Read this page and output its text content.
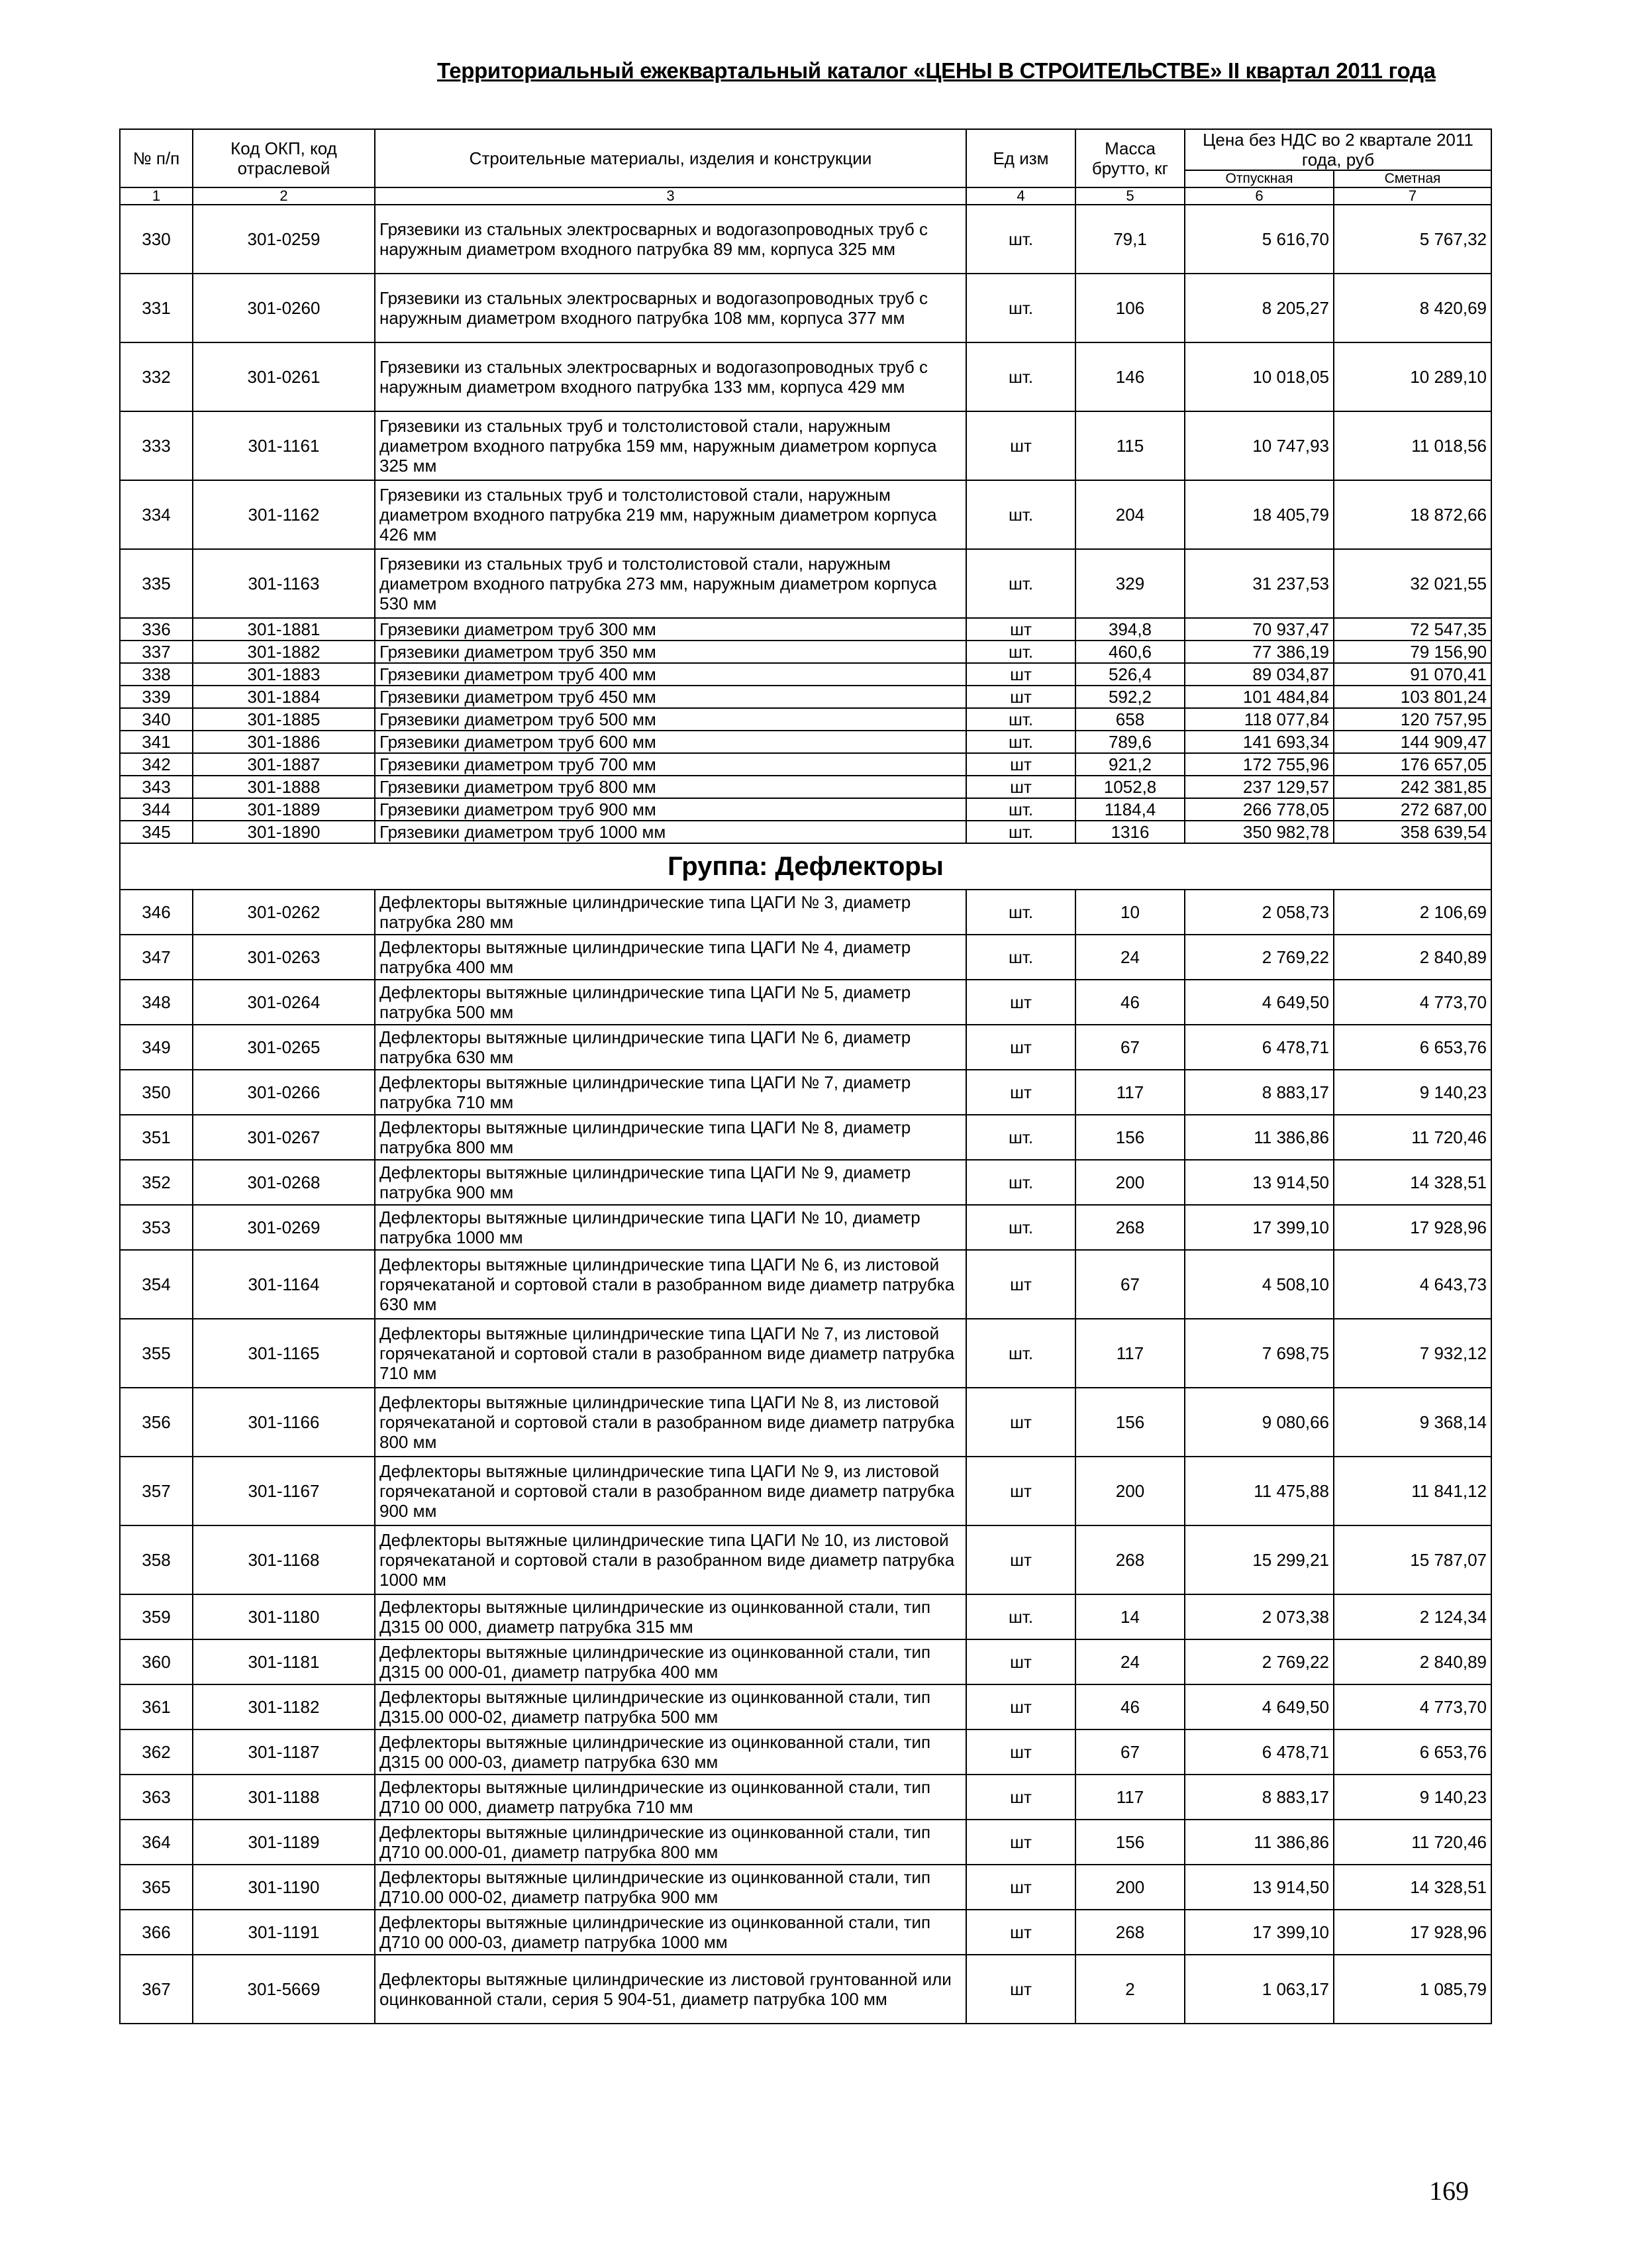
Территориальный ежеквартальный каталог «ЦЕНЫ В СТРОИТЕЛЬСТВЕ» II квартал 2011 года
№ п/п	Код ОКП, код отраслевой	Строительные материалы, изделия и конструкции	Ед изм	Масса брутто, кг	Цена без НДС во 2 квартале 2011 года, руб	
					Отпускная	Сметная
1	2	3	4	5	6	7
330	301-0259	Грязевики из стальных электросварных и водогазопроводных труб с наружным диаметром входного патрубка 89 мм, корпуса 325 мм	шт.	79,1	5 616,70	5 767,32
331	301-0260	Грязевики из стальных электросварных и водогазопроводных труб с наружным диаметром входного патрубка 108 мм, корпуса 377 мм	шт.	106	8 205,27	8 420,69
332	301-0261	Грязевики из стальных электросварных и водогазопроводных труб с наружным диаметром входного патрубка 133 мм, корпуса 429 мм	шт.	146	10 018,05	10 289,10
333	301-1161	Грязевики из стальных труб и толстолистовой стали, наружным диаметром входного патрубка 159 мм, наружным диаметром корпуса 325 мм	шт	115	10 747,93	11 018,56
334	301-1162	Грязевики из стальных труб и толстолистовой стали, наружным диаметром входного патрубка 219 мм, наружным диаметром корпуса 426 мм	шт.	204	18 405,79	18 872,66
335	301-1163	Грязевики из стальных труб и толстолистовой стали, наружным диаметром входного патрубка 273 мм, наружным диаметром корпуса 530 мм	шт.	329	31 237,53	32 021,55
336	301-1881	Грязевики диаметром труб 300 мм	шт	394,8	70 937,47	72 547,35
337	301-1882	Грязевики диаметром труб 350 мм	шт.	460,6	77 386,19	79 156,90
338	301-1883	Грязевики диаметром труб 400 мм	шт	526,4	89 034,87	91 070,41
339	301-1884	Грязевики диаметром труб 450 мм	шт	592,2	101 484,84	103 801,24
340	301-1885	Грязевики диаметром труб 500 мм	шт.	658	118 077,84	120 757,95
341	301-1886	Грязевики диаметром труб 600 мм	шт.	789,6	141 693,34	144 909,47
342	301-1887	Грязевики диаметром труб 700 мм	шт	921,2	172 755,96	176 657,05
343	301-1888	Грязевики диаметром труб 800 мм	шт	1052,8	237 129,57	242 381,85
344	301-1889	Грязевики диаметром труб 900 мм	шт.	1184,4	266 778,05	272 687,00
345	301-1890	Грязевики диаметром труб 1000 мм	шт.	1316	350 982,78	358 639,54
Группа: Дефлекторы						
346	301-0262	Дефлекторы вытяжные цилиндрические типа ЦАГИ № 3, диаметр патрубка 280 мм	шт.	10	2 058,73	2 106,69
347	301-0263	Дефлекторы вытяжные цилиндрические типа ЦАГИ № 4, диаметр патрубка 400 мм	шт.	24	2 769,22	2 840,89
348	301-0264	Дефлекторы вытяжные цилиндрические типа ЦАГИ № 5, диаметр патрубка 500 мм	шт	46	4 649,50	4 773,70
349	301-0265	Дефлекторы вытяжные цилиндрические типа ЦАГИ № 6, диаметр патрубка 630 мм	шт	67	6 478,71	6 653,76
350	301-0266	Дефлекторы вытяжные цилиндрические типа ЦАГИ № 7, диаметр патрубка 710 мм	шт	117	8 883,17	9 140,23
351	301-0267	Дефлекторы вытяжные цилиндрические типа ЦАГИ № 8, диаметр патрубка 800 мм	шт.	156	11 386,86	11 720,46
352	301-0268	Дефлекторы вытяжные цилиндрические типа ЦАГИ № 9, диаметр патрубка 900 мм	шт.	200	13 914,50	14 328,51
353	301-0269	Дефлекторы вытяжные цилиндрические типа ЦАГИ № 10, диаметр патрубка 1000 мм	шт.	268	17 399,10	17 928,96
354	301-1164	Дефлекторы вытяжные цилиндрические типа ЦАГИ № 6, из листовой горячекатаной и сортовой стали в разобранном виде диаметр патрубка 630 мм	шт	67	4 508,10	4 643,73
355	301-1165	Дефлекторы вытяжные цилиндрические типа ЦАГИ № 7, из листовой горячекатаной и сортовой стали в разобранном виде диаметр патрубка 710 мм	шт.	117	7 698,75	7 932,12
356	301-1166	Дефлекторы вытяжные цилиндрические типа ЦАГИ № 8, из листовой горячекатаной и сортовой стали в разобранном виде диаметр патрубка 800 мм	шт	156	9 080,66	9 368,14
357	301-1167	Дефлекторы вытяжные цилиндрические типа ЦАГИ № 9, из листовой горячекатаной и сортовой стали в разобранном виде диаметр патрубка 900 мм	шт	200	11 475,88	11 841,12
358	301-1168	Дефлекторы вытяжные цилиндрические типа ЦАГИ № 10, из листовой горячекатаной и сортовой стали в разобранном виде диаметр патрубка 1000 мм	шт	268	15 299,21	15 787,07
359	301-1180	Дефлекторы вытяжные цилиндрические из оцинкованной стали, тип Д315 00 000, диаметр патрубка 315 мм	шт.	14	2 073,38	2 124,34
360	301-1181	Дефлекторы вытяжные цилиндрические из оцинкованной стали, тип Д315 00 000-01, диаметр патрубка 400 мм	шт	24	2 769,22	2 840,89
361	301-1182	Дефлекторы вытяжные цилиндрические из оцинкованной стали, тип Д315.00 000-02, диаметр патрубка 500 мм	шт	46	4 649,50	4 773,70
362	301-1187	Дефлекторы вытяжные цилиндрические из оцинкованной стали, тип Д315 00 000-03, диаметр патрубка 630 мм	шт	67	6 478,71	6 653,76
363	301-1188	Дефлекторы вытяжные цилиндрические из оцинкованной стали, тип Д710 00 000, диаметр патрубка 710 мм	шт	117	8 883,17	9 140,23
364	301-1189	Дефлекторы вытяжные цилиндрические из оцинкованной стали, тип Д710 00.000-01, диаметр патрубка 800 мм	шт	156	11 386,86	11 720,46
365	301-1190	Дефлекторы вытяжные цилиндрические из оцинкованной стали, тип Д710.00 000-02, диаметр патрубка 900 мм	шт	200	13 914,50	14 328,51
366	301-1191	Дефлекторы вытяжные цилиндрические из оцинкованной стали, тип Д710 00 000-03, диаметр патрубка 1000 мм	шт	268	17 399,10	17 928,96
367	301-5669	Дефлекторы вытяжные цилиндрические из листовой грунтованной или оцинкованной стали, серия 5 904-51, диаметр патрубка 100 мм	шт	2	1 063,17	1 085,79
169
